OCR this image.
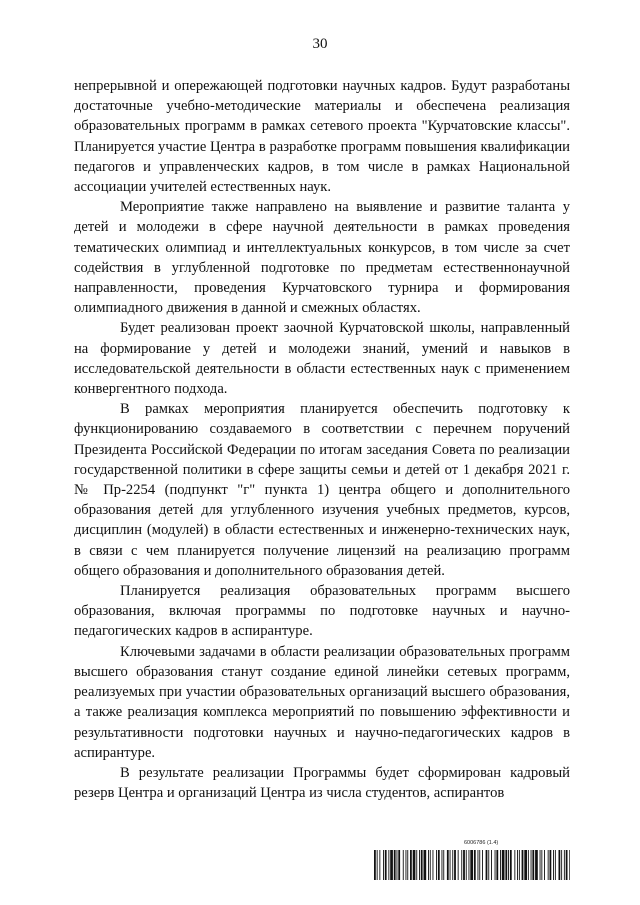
30

непрерывной и опережающей подготовки научных кадров. Будут разработаны достаточные учебно-методические материалы и обеспечена реализация образовательных программ в рамках сетевого проекта "Курчатовские классы". Планируется участие Центра в разработке программ повышения квалификации педагогов и управленческих кадров, в том числе в рамках Национальной ассоциации учителей естественных наук.

Мероприятие также направлено на выявление и развитие таланта у детей и молодежи в сфере научной деятельности в рамках проведения тематических олимпиад и интеллектуальных конкурсов, в том числе за счет содействия в углубленной подготовке по предметам естественнонаучной направленности, проведения Курчатовского турнира и формирования олимпиадного движения в данной и смежных областях.

Будет реализован проект заочной Курчатовской школы, направленный на формирование у детей и молодежи знаний, умений и навыков в исследовательской деятельности в области естественных наук с применением конвергентного подхода.

В рамках мероприятия планируется обеспечить подготовку к функционированию создаваемого в соответствии с перечнем поручений Президента Российской Федерации по итогам заседания Совета по реализации государственной политики в сфере защиты семьи и детей от 1 декабря 2021 г. № Пр-2254 (подпункт "г" пункта 1) центра общего и дополнительного образования детей для углубленного изучения учебных предметов, курсов, дисциплин (модулей) в области естественных и инженерно-технических наук, в связи с чем планируется получение лицензий на реализацию программ общего образования и дополнительного образования детей.

Планируется реализация образовательных программ высшего образования, включая программы по подготовке научных и научно-педагогических кадров в аспирантуре.

Ключевыми задачами в области реализации образовательных программ высшего образования станут создание единой линейки сетевых программ, реализуемых при участии образовательных организаций высшего образования, а также реализация комплекса мероприятий по повышению эффективности и результативности подготовки научных и научно-педагогических кадров в аспирантуре.

В результате реализации Программы будет сформирован кадровый резерв Центра и организаций Центра из числа студентов, аспирантов

6006786 (1.4)
